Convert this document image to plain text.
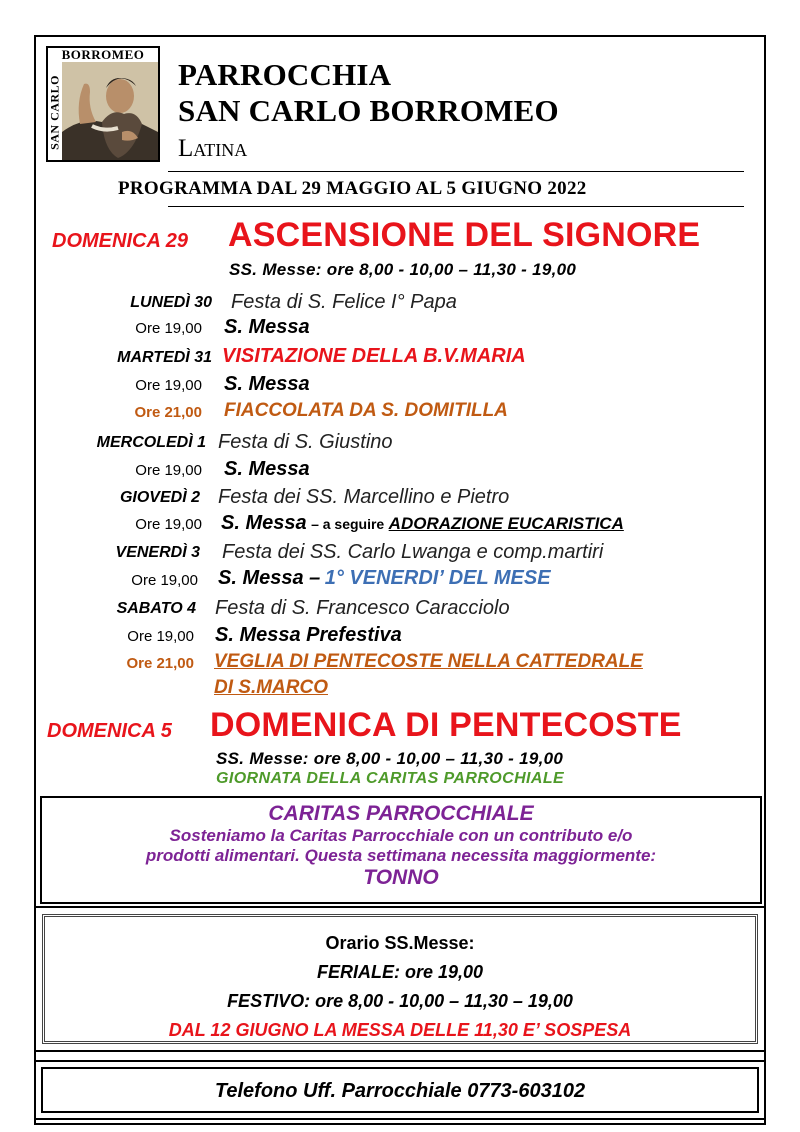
BORROMEO
SAN CARLO
PARROCCHIA
SAN CARLO BORROMEO
Latina
PROGRAMMA DAL 29 MAGGIO AL 5 GIUGNO 2022
DOMENICA 29 ASCENSIONE DEL SIGNORE
SS. Messe: ore 8,00 - 10,00 – 11,30 - 19,00
LUNEDÌ 30 Festa di S. Felice I° Papa
Ore 19,00 S. Messa
MARTEDÌ 31 VISITAZIONE DELLA B.V.MARIA
Ore 19,00 S. Messa
Ore 21,00 FIACCOLATA DA S. DOMITILLA
MERCOLEDÌ 1 Festa di S. Giustino
Ore 19,00 S. Messa
GIOVEDÌ 2 Festa dei SS. Marcellino e Pietro
Ore 19,00 S. Messa – a seguire ADORAZIONE EUCARISTICA
VENERDÌ 3 Festa dei SS. Carlo Lwanga e comp.martiri
Ore 19,00 S. Messa – 1° VENERDI’ DEL MESE
SABATO 4 Festa di S. Francesco Caracciolo
Ore 19,00 S. Messa Prefestiva
Ore 21,00 VEGLIA DI PENTECOSTE NELLA CATTEDRALE
DI S.MARCO
DOMENICA 5 DOMENICA DI PENTECOSTE
SS. Messe: ore 8,00 - 10,00 – 11,30 - 19,00
GIORNATA DELLA CARITAS PARROCHIALE
CARITAS PARROCCHIALE
Sosteniamo la Caritas Parrocchiale con un contributo e/o
prodotti alimentari. Questa settimana necessita maggiormente:
TONNO
Orario SS.Messe:
FERIALE: ore 19,00
FESTIVO: ore 8,00 - 10,00 – 11,30 – 19,00
DAL 12 GIUGNO LA MESSA DELLE 11,30 E’ SOSPESA
Telefono Uff. Parrocchiale 0773-603102
